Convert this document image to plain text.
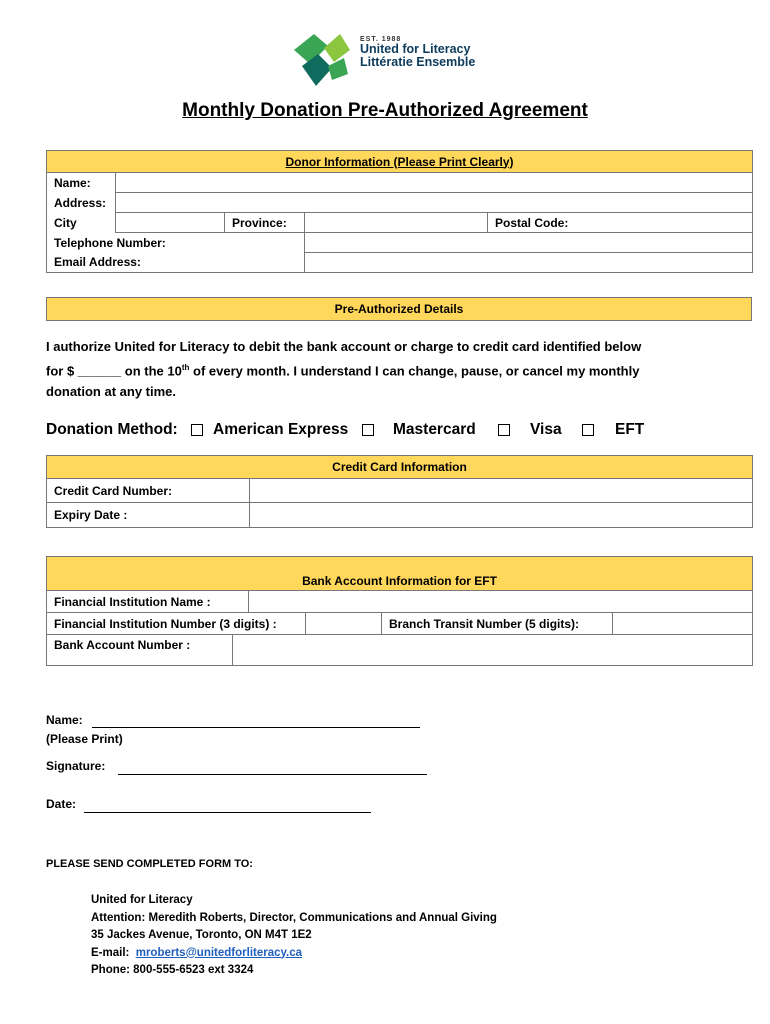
EST. 1988
United for Literacy
Littératie Ensemble
Monthly Donation Pre-Authorized Agreement
Donor Information (Please Print Clearly)				
Name:				
Address:				
City		Province:		Postal Code:
Telephone Number:				
Email Address:				
Pre-Authorized Details
I authorize United for Literacy to debit the bank account or charge to credit card identified below
for $ ______ on the 10th of every month. I understand I can change, pause, or cancel my monthly
donation at any time.
Donation Method: American Express	Mastercard	Visa	EFT
Credit Card Information	
Credit Card Number:	
Expiry Date :	
Bank Account Information for EFT					
Financial Institution Name :					
Financial Institution Number (3 digits) :				Branch Transit Number (5 digits):	
Bank Account Number :					
Name:
(Please Print)
Signature:
Date:
PLEASE SEND COMPLETED FORM TO:
United for Literacy
Attention: Meredith Roberts, Director, Communications and Annual Giving
35 Jackes Avenue, Toronto, ON M4T 1E2
E-mail: mroberts@unitedforliteracy.ca
Phone: 800-555-6523 ext 3324
